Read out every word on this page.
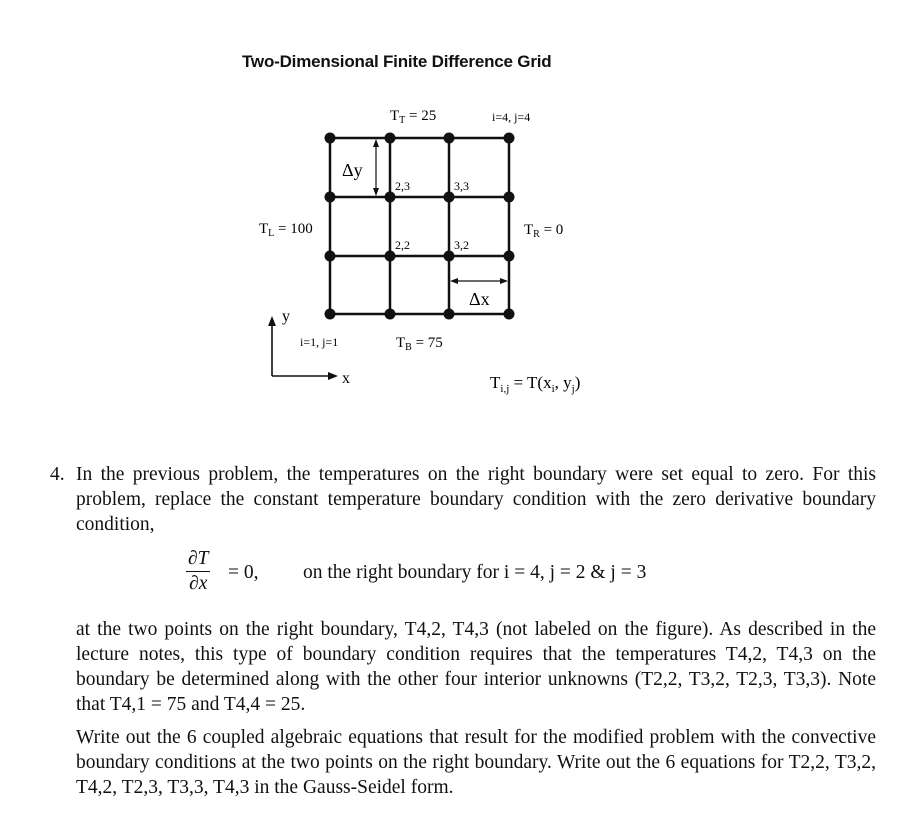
Two-Dimensional Finite Difference Grid
Δy
Δx
2,3	3,3
2,2	3,2
$T_T = 25$
$T_L = 100$	$T_R = 0$
$T_B = 75$
i=4, j=4
i=1, j=1
y
x	$T_{i,j} = T(x_i$, $y_j$)
4. In the previous problem, the temperatures on the right boundary were set equal to zero. For this problem, replace the constant temperature boundary condition with the zero derivative boundary condition,
$\frac{\partial T}{\partial x} = 0$, on the right boundary for i = 4, j = 2 & j = 3
at the two points on the right boundary, T4,2, T4,3 (not labeled on the figure). As described in the lecture notes, this type of boundary condition requires that the temperatures T4,2, T4,3 on the boundary be determined along with the other four interior unknowns (T2,2, T3,2, T2,3, T3,3). Note that T4,1 = 75 and T4,4 = 25.
Write out the 6 coupled algebraic equations that result for the modified problem with the convective boundary conditions at the two points on the right boundary. Write out the 6 equations for T2,2, T3,2, T4,2, T2,3, T3,3, T4,3 in the Gauss-Seidel form.
